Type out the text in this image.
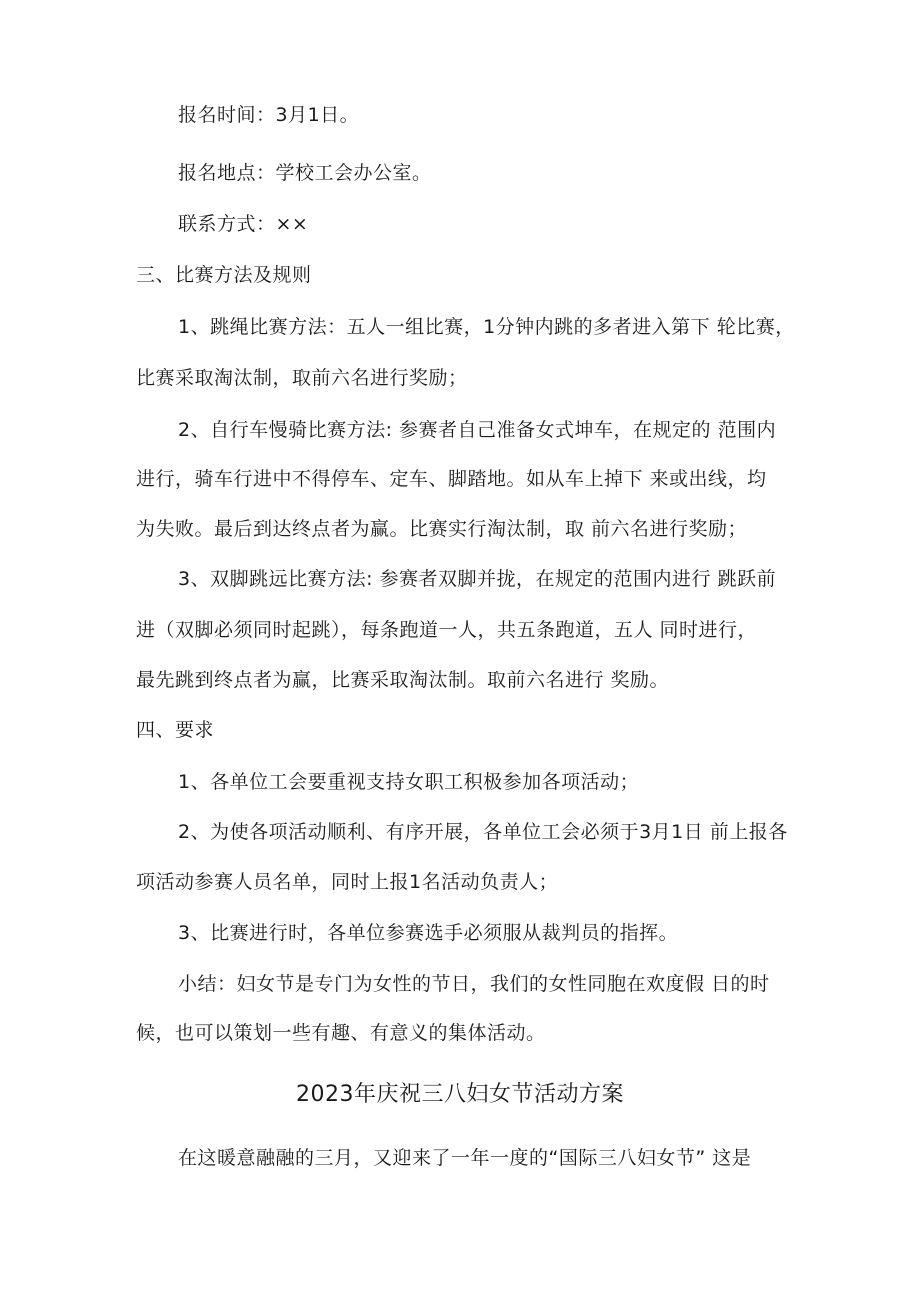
报名时间：3月1日。
报名地点：学校工会办公室。
联系方式：××
三、比赛方法及规则
1、跳绳比赛方法：五人一组比赛，1分钟内跳的多者进入第下 轮比赛，
比赛采取淘汰制，取前六名进行奖励；
2、自行车慢骑比赛方法: 参赛者自己准备女式坤车，在规定的 范围内
进行，骑车行进中不得停车、定车、脚踏地。如从车上掉下 来或出线，均
为失败。最后到达终点者为赢。比赛实行淘汰制，取 前六名进行奖励；
3、双脚跳远比赛方法: 参赛者双脚并拢，在规定的范围内进行 跳跃前
进（双脚必须同时起跳），每条跑道一人，共五条跑道，五人 同时进行，
最先跳到终点者为赢，比赛采取淘汰制。取前六名进行 奖励。
四、要求
1、各单位工会要重视支持女职工积极参加各项活动；
2、为使各项活动顺利、有序开展，各单位工会必须于3月1日 前上报各
项活动参赛人员名单，同时上报1名活动负责人；
3、比赛进行时，各单位参赛选手必须服从裁判员的指挥。
小结：妇女节是专门为女性的节日，我们的女性同胞在欢度假 日的时
候，也可以策划一些有趣、有意义的集体活动。
2023年庆祝三八妇女节活动方案
在这暖意融融的三月，又迎来了一年一度的“国际三八妇女节” 这是
